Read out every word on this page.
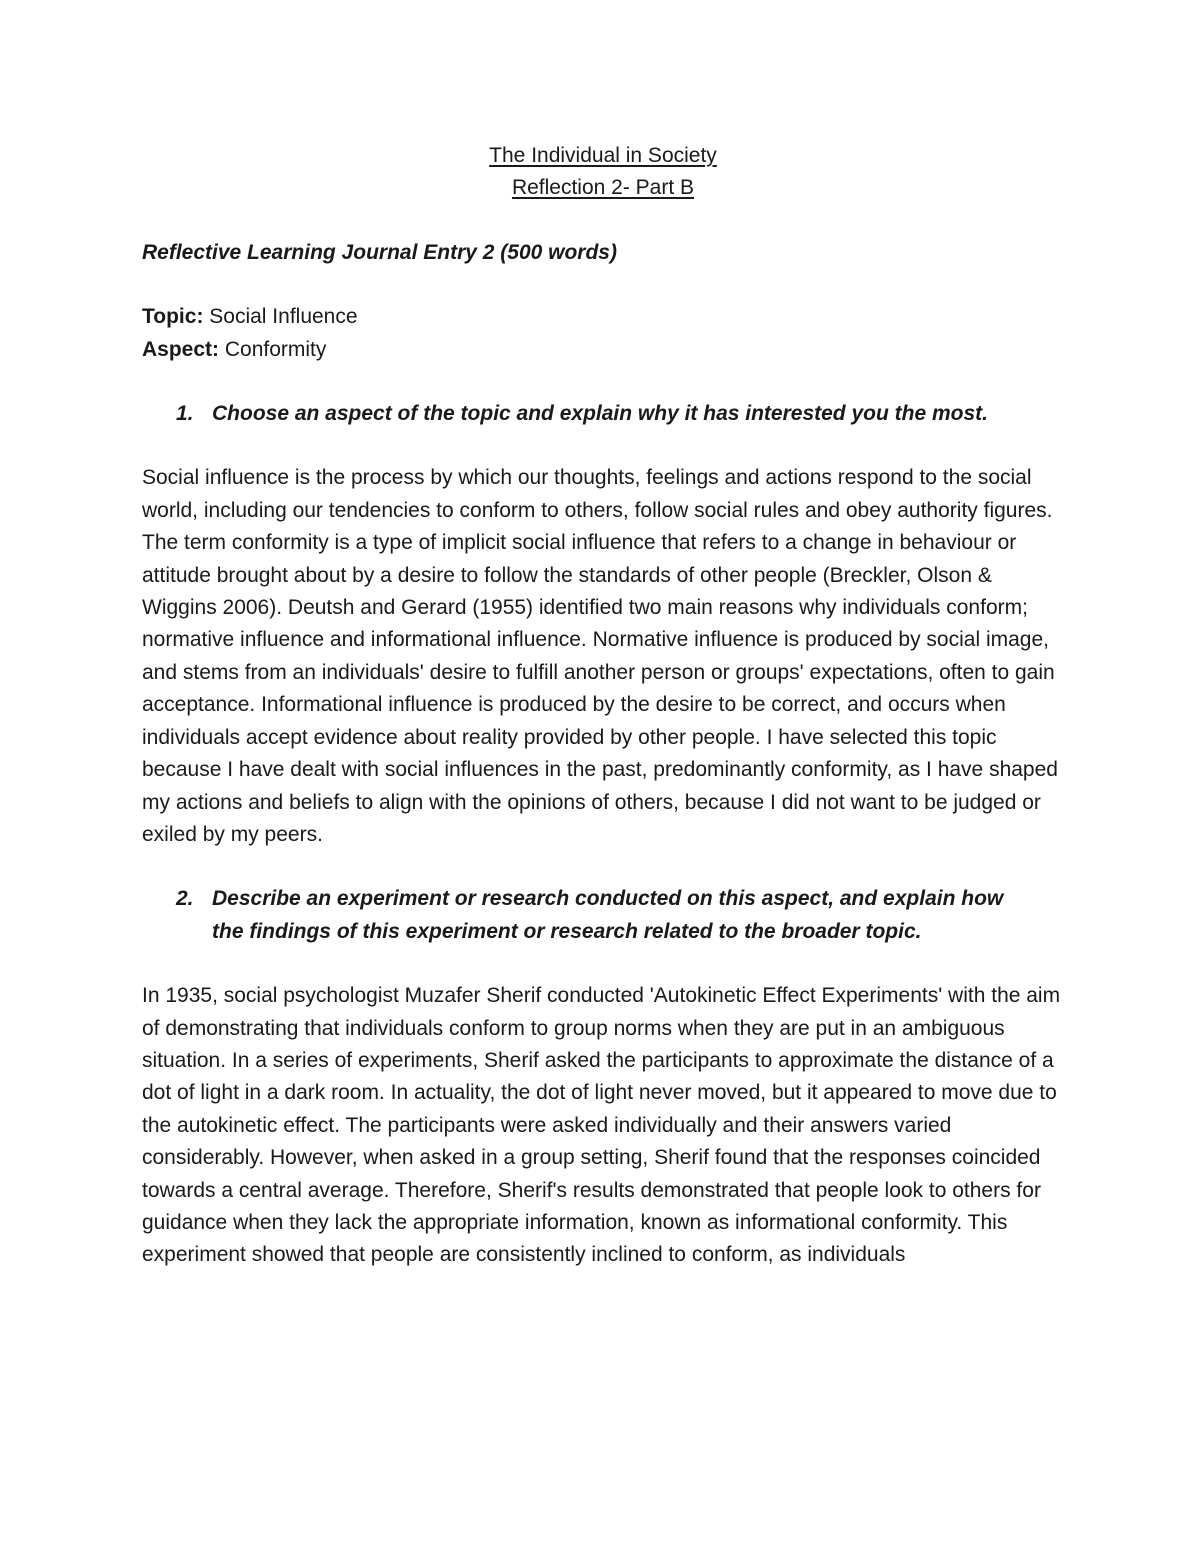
The Individual in Society
Reflection 2- Part B

Reflective Learning Journal Entry 2 (500 words)

Topic: Social Influence

Aspect: Conformity

1. Choose an aspect of the topic and explain why it has interested you the most.

Social influence is the process by which our thoughts, feelings and actions respond to the social world, including our tendencies to conform to others, follow social rules and obey authority figures. The term conformity is a type of implicit social influence that refers to a change in behaviour or attitude brought about by a desire to follow the standards of other people (Breckler, Olson & Wiggins 2006). Deutsh and Gerard (1955) identified two main reasons why individuals conform; normative influence and informational influence. Normative influence is produced by social image, and stems from an individuals' desire to fulfill another person or groups' expectations, often to gain acceptance. Informational influence is produced by the desire to be correct, and occurs when individuals accept evidence about reality provided by other people. I have selected this topic because I have dealt with social influences in the past, predominantly conformity, as I have shaped my actions and beliefs to align with the opinions of others, because I did not want to be judged or exiled by my peers.

2. Describe an experiment or research conducted on this aspect, and explain how the findings of this experiment or research related to the broader topic.

In 1935, social psychologist Muzafer Sherif conducted 'Autokinetic Effect Experiments' with the aim of demonstrating that individuals conform to group norms when they are put in an ambiguous situation. In a series of experiments, Sherif asked the participants to approximate the distance of a dot of light in a dark room. In actuality, the dot of light never moved, but it appeared to move due to the autokinetic effect. The participants were asked individually and their answers varied considerably. However, when asked in a group setting, Sherif found that the responses coincided towards a central average. Therefore, Sherif's results demonstrated that people look to others for guidance when they lack the appropriate information, known as informational conformity. This experiment showed that people are consistently inclined to conform, as individuals
